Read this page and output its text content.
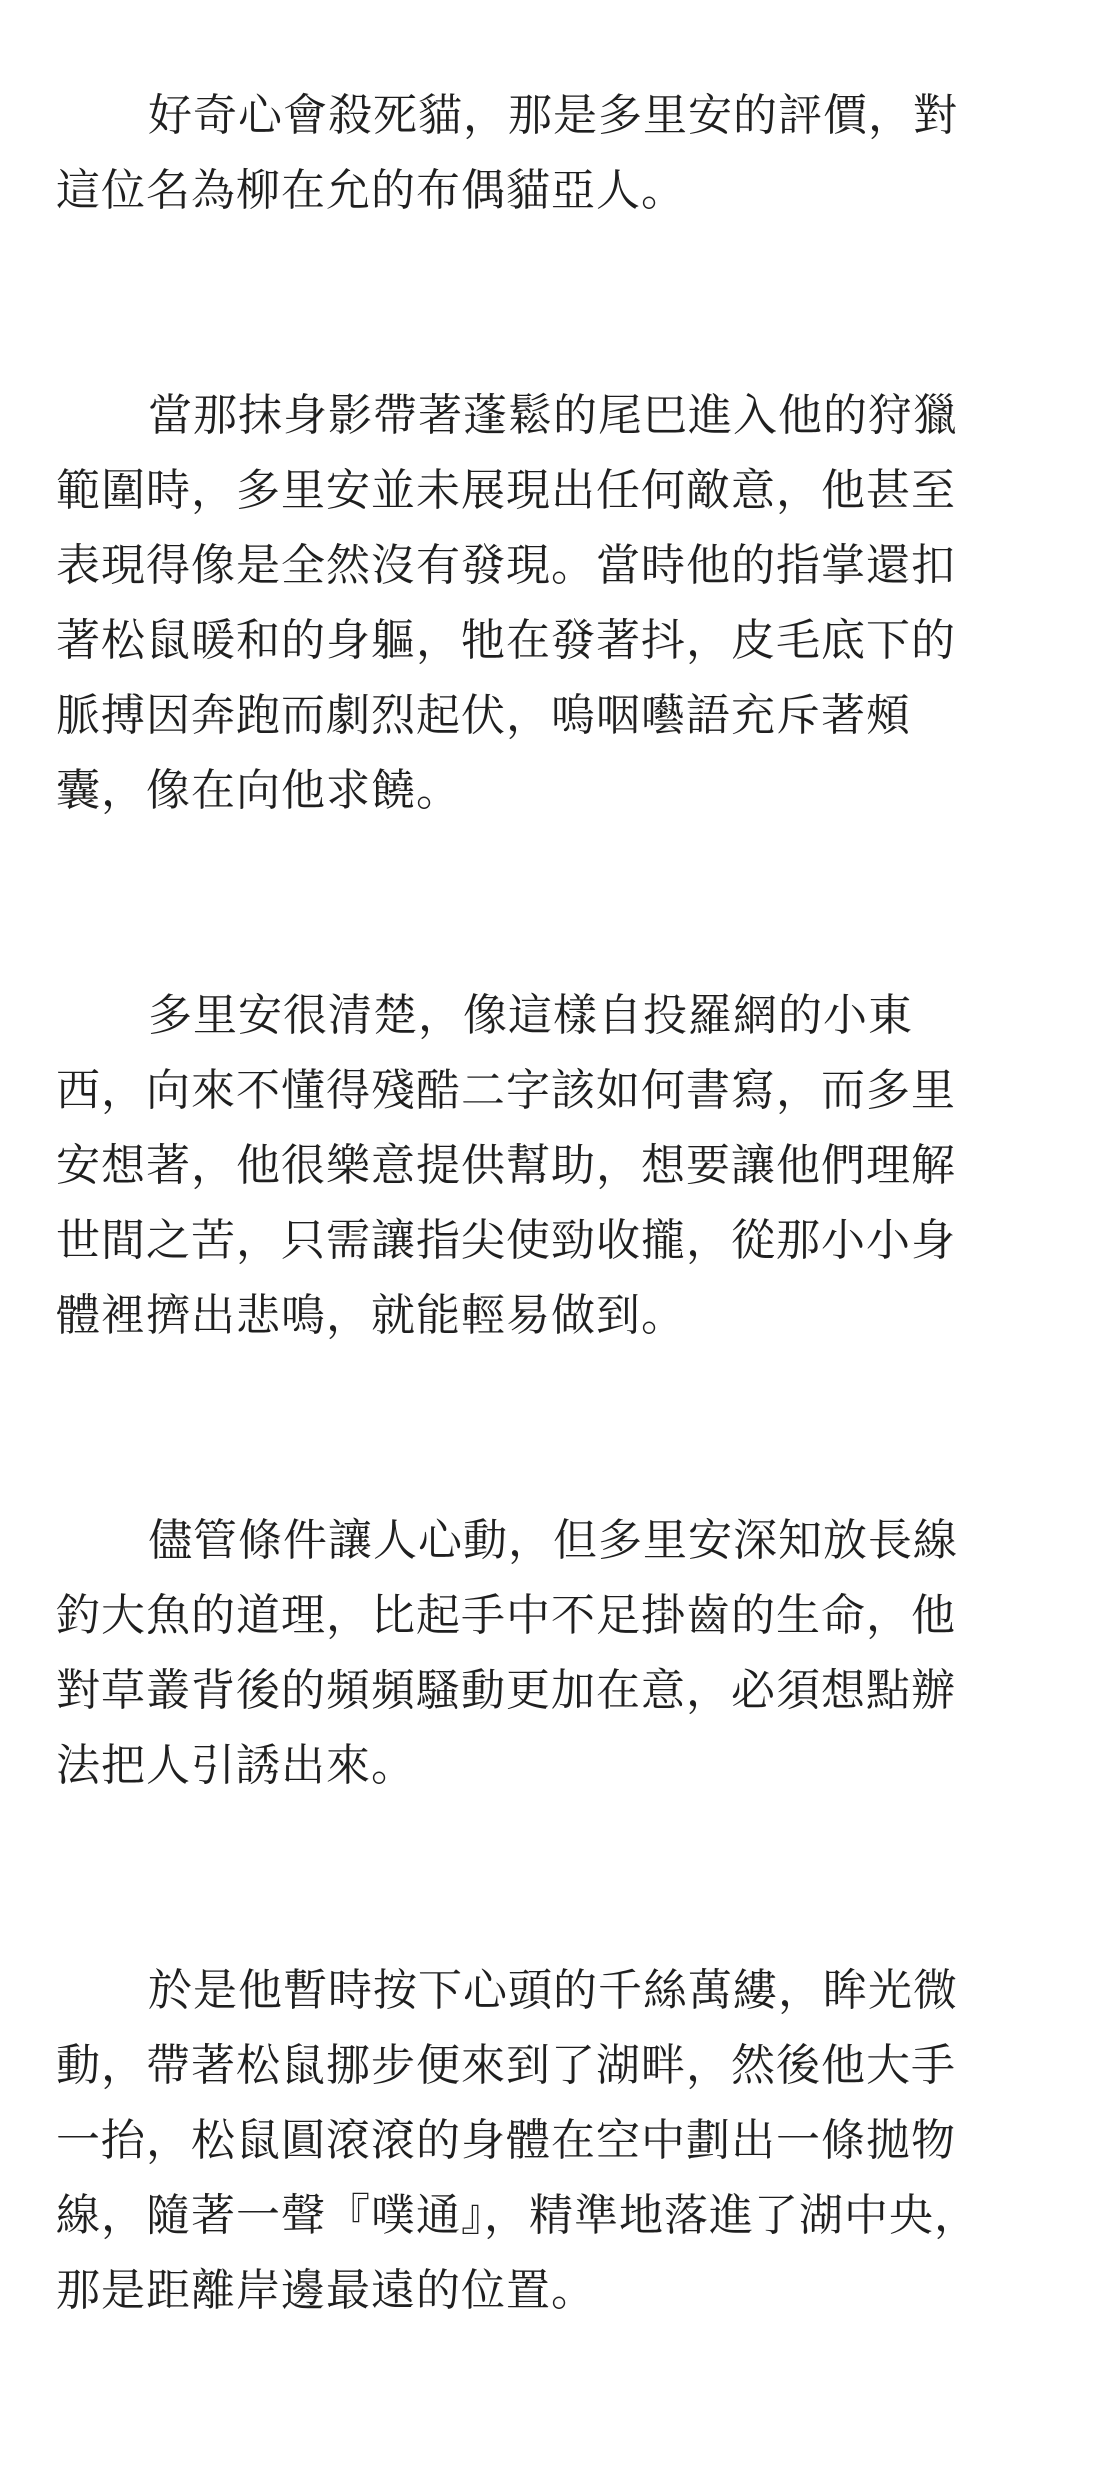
好奇心會殺死貓，那是多里安的評價，對
這位名為柳在允的布偶貓亞人。

當那抹身影帶著蓬鬆的尾巴進入他的狩獵
範圍時，多里安並未展現出任何敵意，他甚至
表現得像是全然沒有發現。當時他的指掌還扣
著松鼠暖和的身軀，牠在發著抖，皮毛底下的
脈搏因奔跑而劇烈起伏，嗚咽囈語充斥著頰
囊，像在向他求饒。

多里安很清楚，像這樣自投羅網的小東
西，向來不懂得殘酷二字該如何書寫，而多里
安想著，他很樂意提供幫助，想要讓他們理解
世間之苦，只需讓指尖使勁收攏，從那小小身
體裡擠出悲鳴，就能輕易做到。

儘管條件讓人心動，但多里安深知放長線
釣大魚的道理，比起手中不足掛齒的生命，他
對草叢背後的頻頻騷動更加在意，必須想點辦
法把人引誘出來。

於是他暫時按下心頭的千絲萬縷，眸光微
動，帶著松鼠挪步便來到了湖畔，然後他大手
一抬，松鼠圓滾滾的身體在空中劃出一條拋物
線，隨著一聲『噗通』，精準地落進了湖中央，
那是距離岸邊最遠的位置。
